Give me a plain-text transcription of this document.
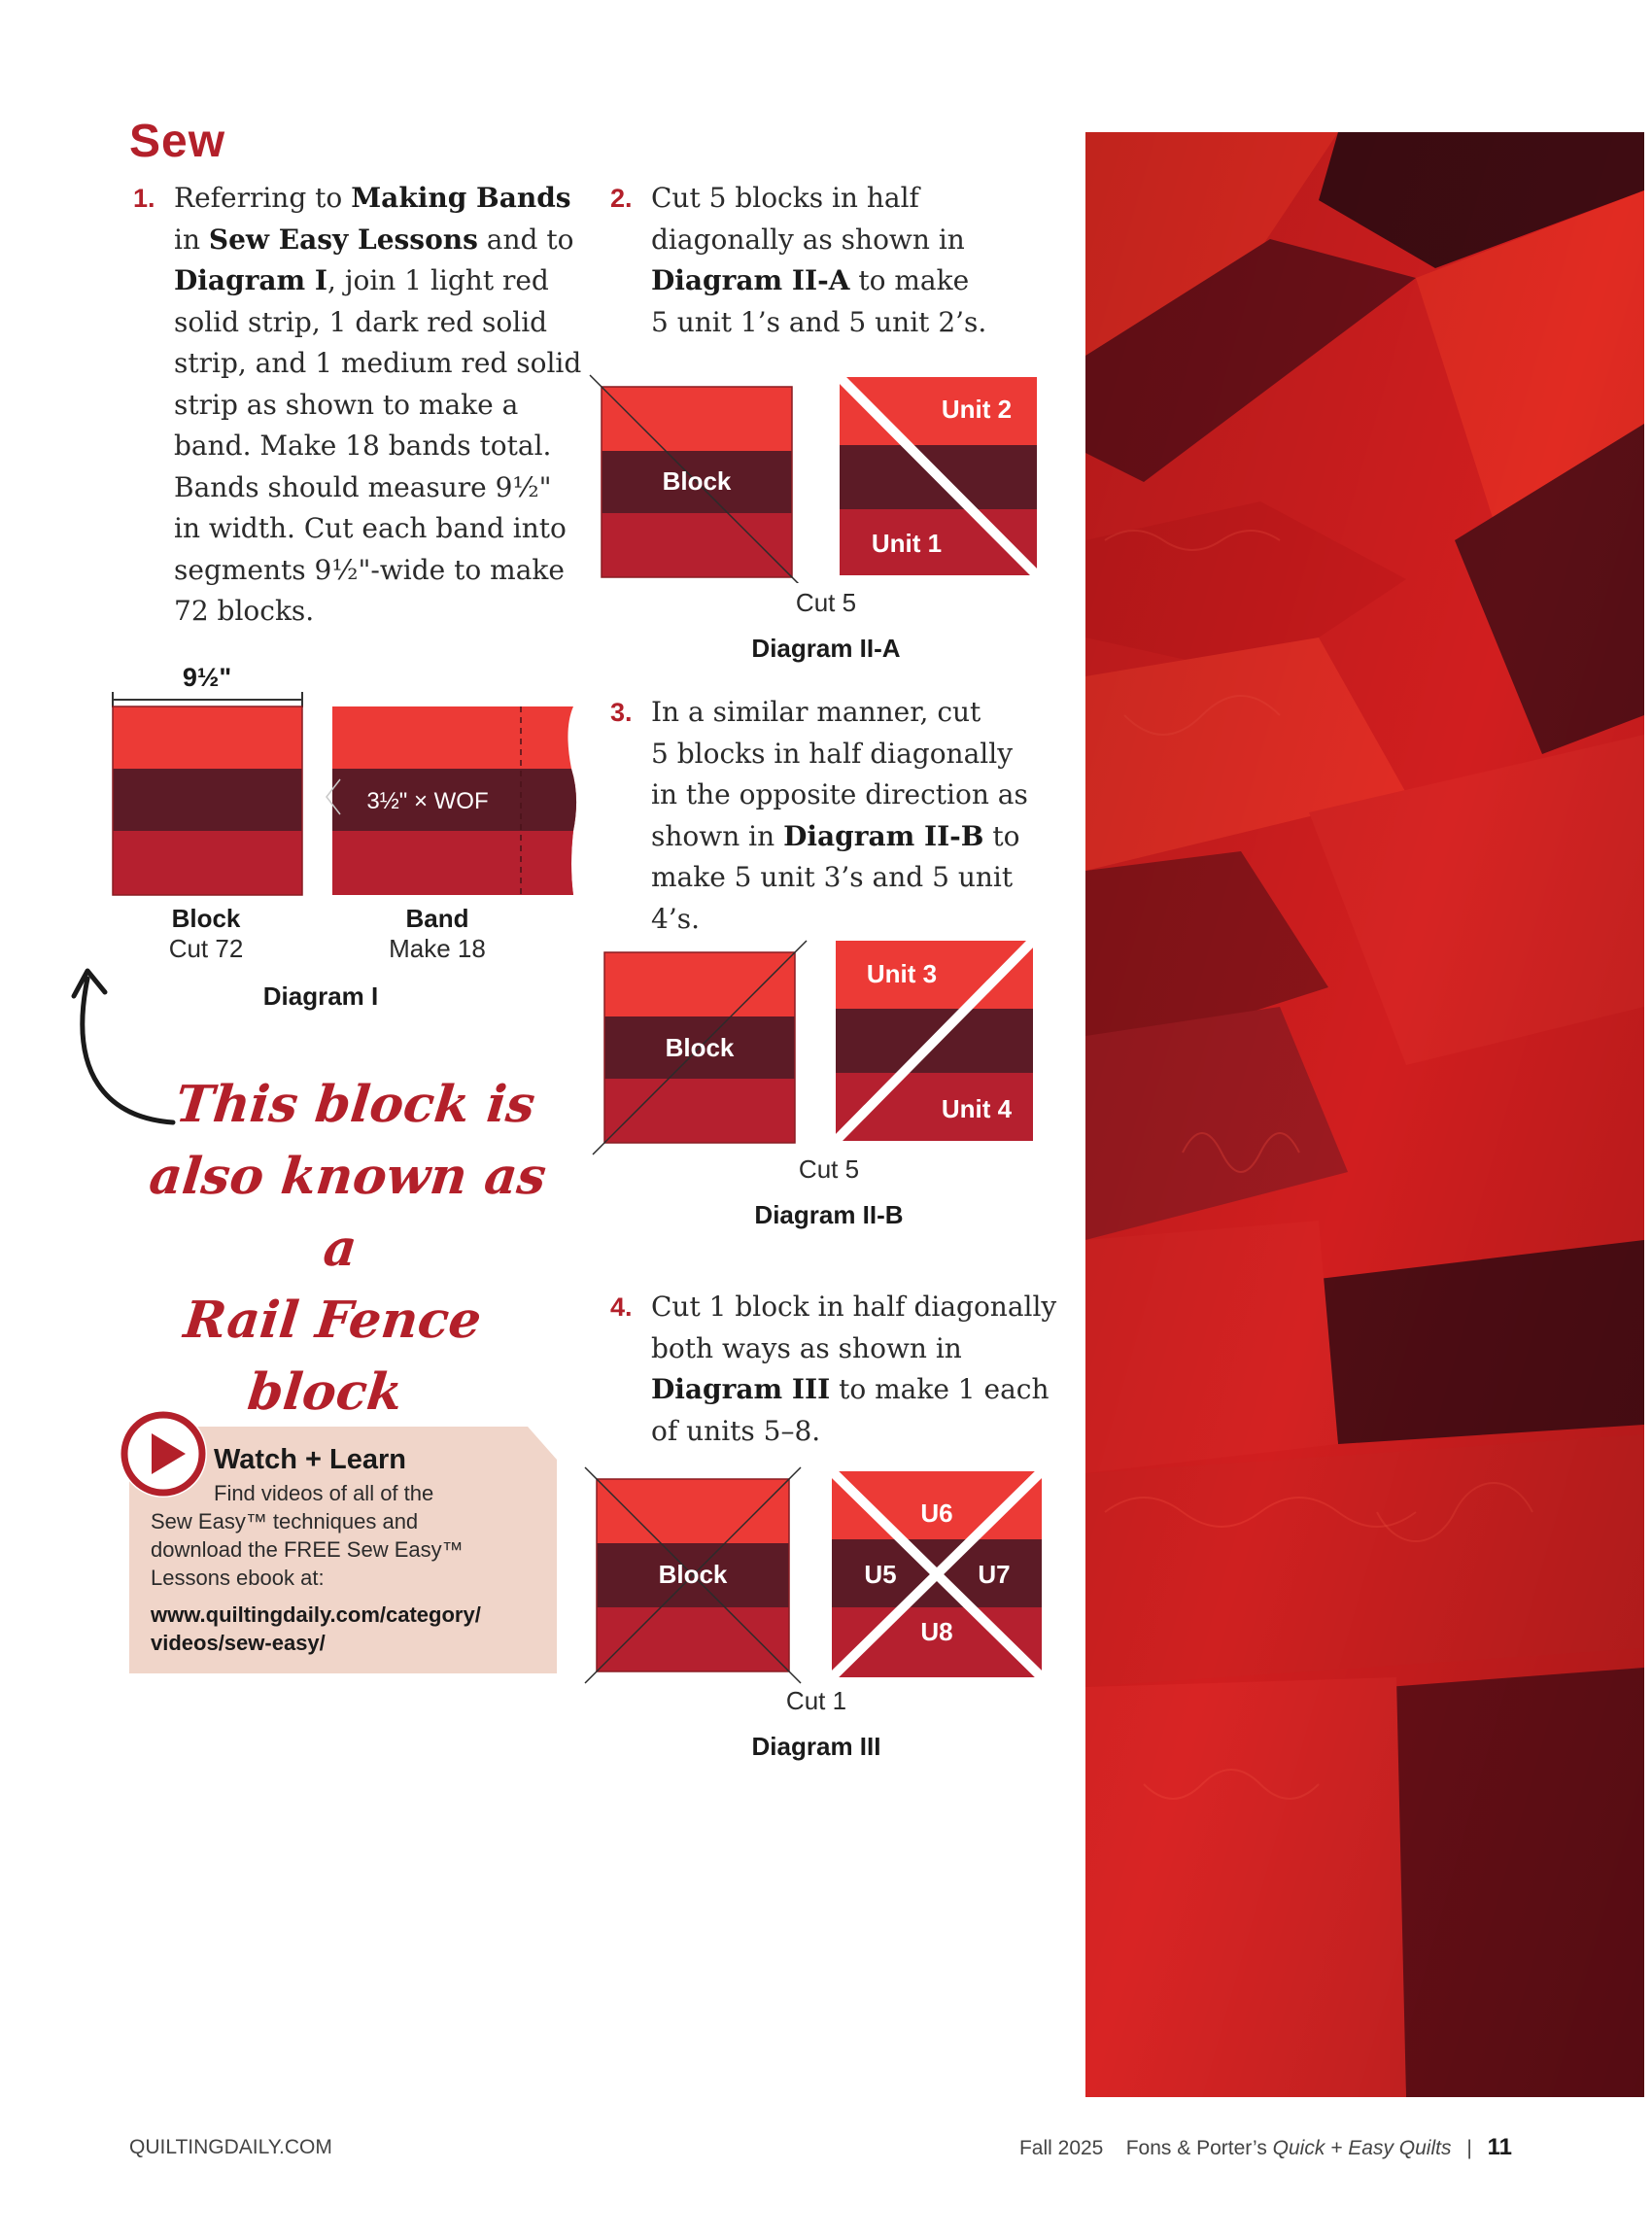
Sew
1. Referring to Making Bands
in Sew Easy Lessons and to
Diagram I, join 1 light red
solid strip, 1 dark red solid
strip, and 1 medium red solid
strip as shown to make a
band. Make 18 bands total.
Bands should measure 9½"
in width. Cut each band into
segments 9½"-wide to make
72 blocks.
2. Cut 5 blocks in half
diagonally as shown in
Diagram II-A to make
5 unit 1’s and 5 unit 2’s.
3. In a similar manner, cut
5 blocks in half diagonally
in the opposite direction as
shown in Diagram II-B to
make 5 unit 3’s and 5 unit 4’s.
4. Cut 1 block in half diagonally
both ways as shown in
Diagram III to make 1 each
of units 5–8.
9½"
3½" × WOF
Block
Cut 72
Band
Make 18
Diagram I
This block is
also known as a
Rail Fence block
Block
Unit 2
Unit 1
Cut 5
Diagram II-A
Block
Unit 3
Unit 4
Cut 5
Diagram II-B
Block
U6
U5	U7
U8
Cut 1
Diagram III
Watch + Learn
Find videos of all of the
Sew Easy™ techniques and
download the FREE Sew Easy™
Lessons ebook at:
www.quiltingdaily.com/category/
videos/sew-easy/
QUILTINGDAILY.COM	Fall 2025 Fons & Porter’s Quick + Easy Quilts | 11
